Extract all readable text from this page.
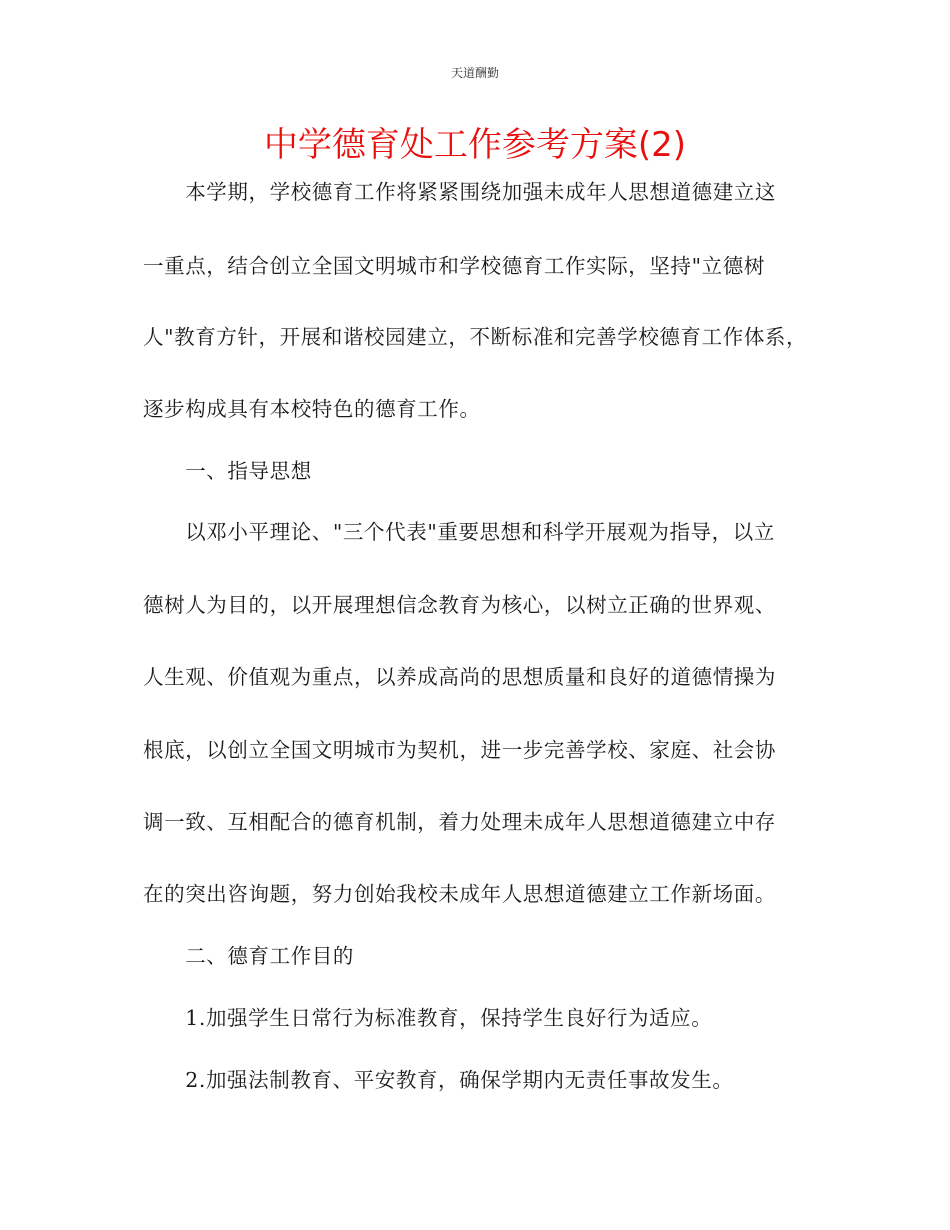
天道酬勤
中学德育处工作参考方案(2)
　　本学期，学校德育工作将紧紧围绕加强未成年人思想道德建立这
一重点，结合创立全国文明城市和学校德育工作实际，坚持"立德树
人"教育方针，开展和谐校园建立，不断标准和完善学校德育工作体系，
逐步构成具有本校特色的德育工作。
　　一、指导思想
　　以邓小平理论、"三个代表"重要思想和科学开展观为指导，以立
德树人为目的，以开展理想信念教育为核心，以树立正确的世界观、
人生观、价值观为重点，以养成高尚的思想质量和良好的道德情操为
根底，以创立全国文明城市为契机，进一步完善学校、家庭、社会协
调一致、互相配合的德育机制，着力处理未成年人思想道德建立中存
在的突出咨询题，努力创始我校未成年人思想道德建立工作新场面。
　　二、德育工作目的
　　1.加强学生日常行为标准教育，保持学生良好行为适应。
　　2.加强法制教育、平安教育，确保学期内无责任事故发生。
